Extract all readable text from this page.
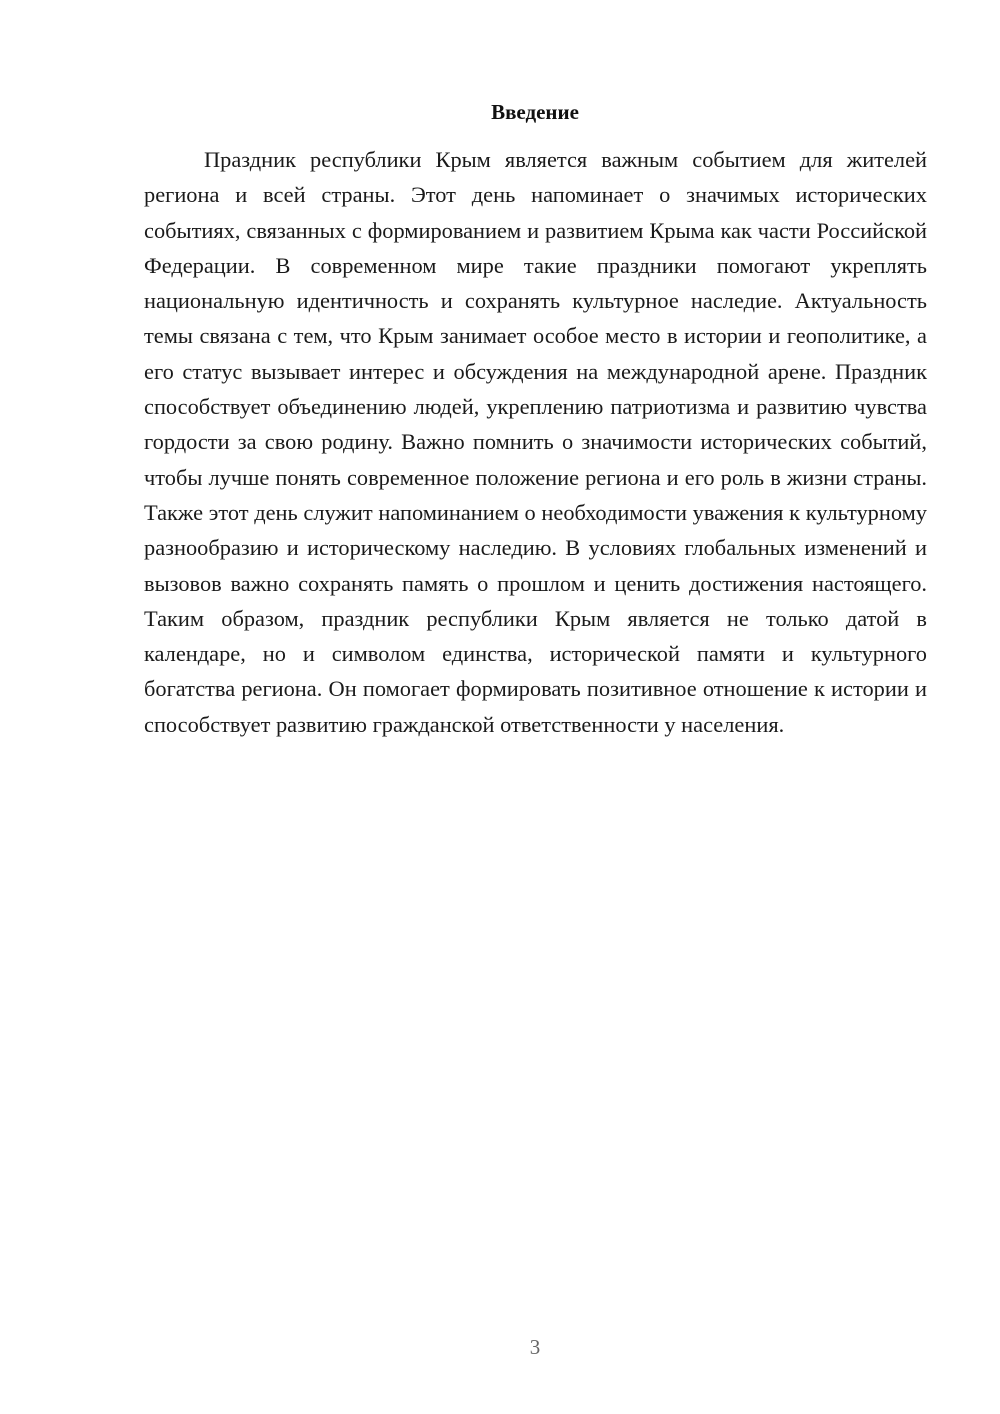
Введение

Праздник республики Крым является важным событием для жителей региона и всей страны. Этот день напоминает о значимых исторических событиях, связанных с формированием и развитием Крыма как части Российской Федерации. В современном мире такие праздники помогают укреплять национальную идентичность и сохранять культурное наследие. Актуальность темы связана с тем, что Крым занимает особое место в истории и геополитике, а его статус вызывает интерес и обсуждения на международной арене. Праздник способствует объединению людей, укреплению патриотизма и развитию чувства гордости за свою родину. Важно помнить о значимости исторических событий, чтобы лучше понять современное положение региона и его роль в жизни страны. Также этот день служит напоминанием о необходимости уважения к культурному разнообразию и историческому наследию. В условиях глобальных изменений и вызовов важно сохранять память о прошлом и ценить достижения настоящего. Таким образом, праздник республики Крым является не только датой в календаре, но и символом единства, исторической памяти и культурного богатства региона. Он помогает формировать позитивное отношение к истории и способствует развитию гражданской ответственности у населения.

3
